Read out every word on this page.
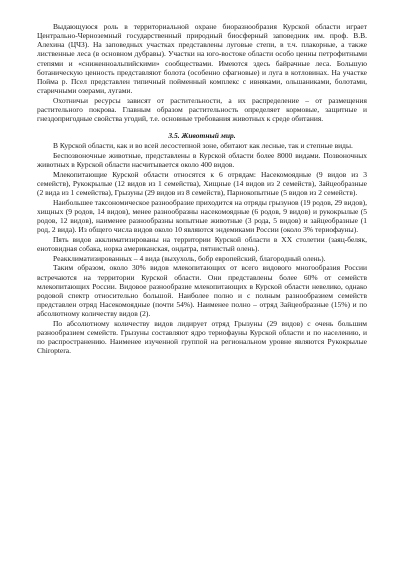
Выдающуюся роль в территориальной охране биоразнообразия Курской области играет Центрально-Черноземный государственный природный биосферный заповедник им. проф. В.В. Алехина (ЦЧЗ). На заповедных участках представлены луговые степи, в т.ч. плакорные, а также лиственные леса (в основном дубравы). Участки на юго-востоке области особо ценны петрофитными степями и «сниженноальпийскими» сообществами. Имеются здесь байрачные леса. Большую ботаническую ценность представляют болота (особенно сфагновые) и луга в котловинах. На участке Пойма р. Псел представлен типичный пойменный комплекс с ивняками, ольшаниками, болотами, старичными озерами, лугами.

Охотничьи ресурсы зависят от растительности, а их распределение – от размещения растительного покрова. Главным образом растительность определяет кормовые, защитные и гнездопригодные свойства угодий, т.е. основные требования животных к среде обитания.

3.5. Животный мир.

В Курской области, как и во всей лесостепной зоне, обитают как лесные, так и степные виды.

Беспозвоночные животные, представлены в Курской области более 8000 видами. Позвоночных животных в Курской области насчитывается около 400 видов.

Млекопитающие Курской области относятся к 6 отрядам: Насекомоядные (9 видов из 3 семейств), Рукокрылые (12 видов из 1 семейства), Хищные (14 видов из 2 семейств), Зайцеобразные (2 вида из 1 семейства), Грызуны (29 видов из 8 семейств), Парнокопытные (5 видов из 2 семейств).

Наибольшее таксономическое разнообразие приходится на отряды грызунов (19 родов, 29 видов), хищных (9 родов, 14 видов), менее разнообразны насекомоядные (6 родов, 9 видов) и рукокрылые (5 родов, 12 видов), наименее разнообразны копытные животные (3 рода, 5 видов) и зайцеобразные (1 род, 2 вида). Из общего числа видов около 10 являются эндемиками России (около 3% териофауны).

Пять видов акклиматизированы на территории Курской области в XX столетии (заяц-беляк, енотовидная собака, норка американская, ондатра, пятнистый олень).

Реакклиматизированных – 4 вида (выхухоль, бобр европейский, благородный олень).

Таким образом, около 30% видов млекопитающих от всего видового многообразия России встречаются на территории Курской области. Они представлены более 60% от семейств млекопитающих России. Видовое разнообразие млекопитающих в Курской области невелико, однако родовой спектр относительно большой. Наиболее полно и с полным разнообразием семейств представлен отряд Насекомоядные (почти 54%). Наименее полно – отряд Зайцеобразные (15%) и по абсолютному количеству видов (2).

По абсолютному количеству видов лидирует отряд Грызуны (29 видов) с очень большим разнообразием семейств. Грызуны составляют ядро териофауны Курской области и по населению, и по распространению. Наименее изученной группой на региональном уровне являются Рукокрылые Chiroptera.
